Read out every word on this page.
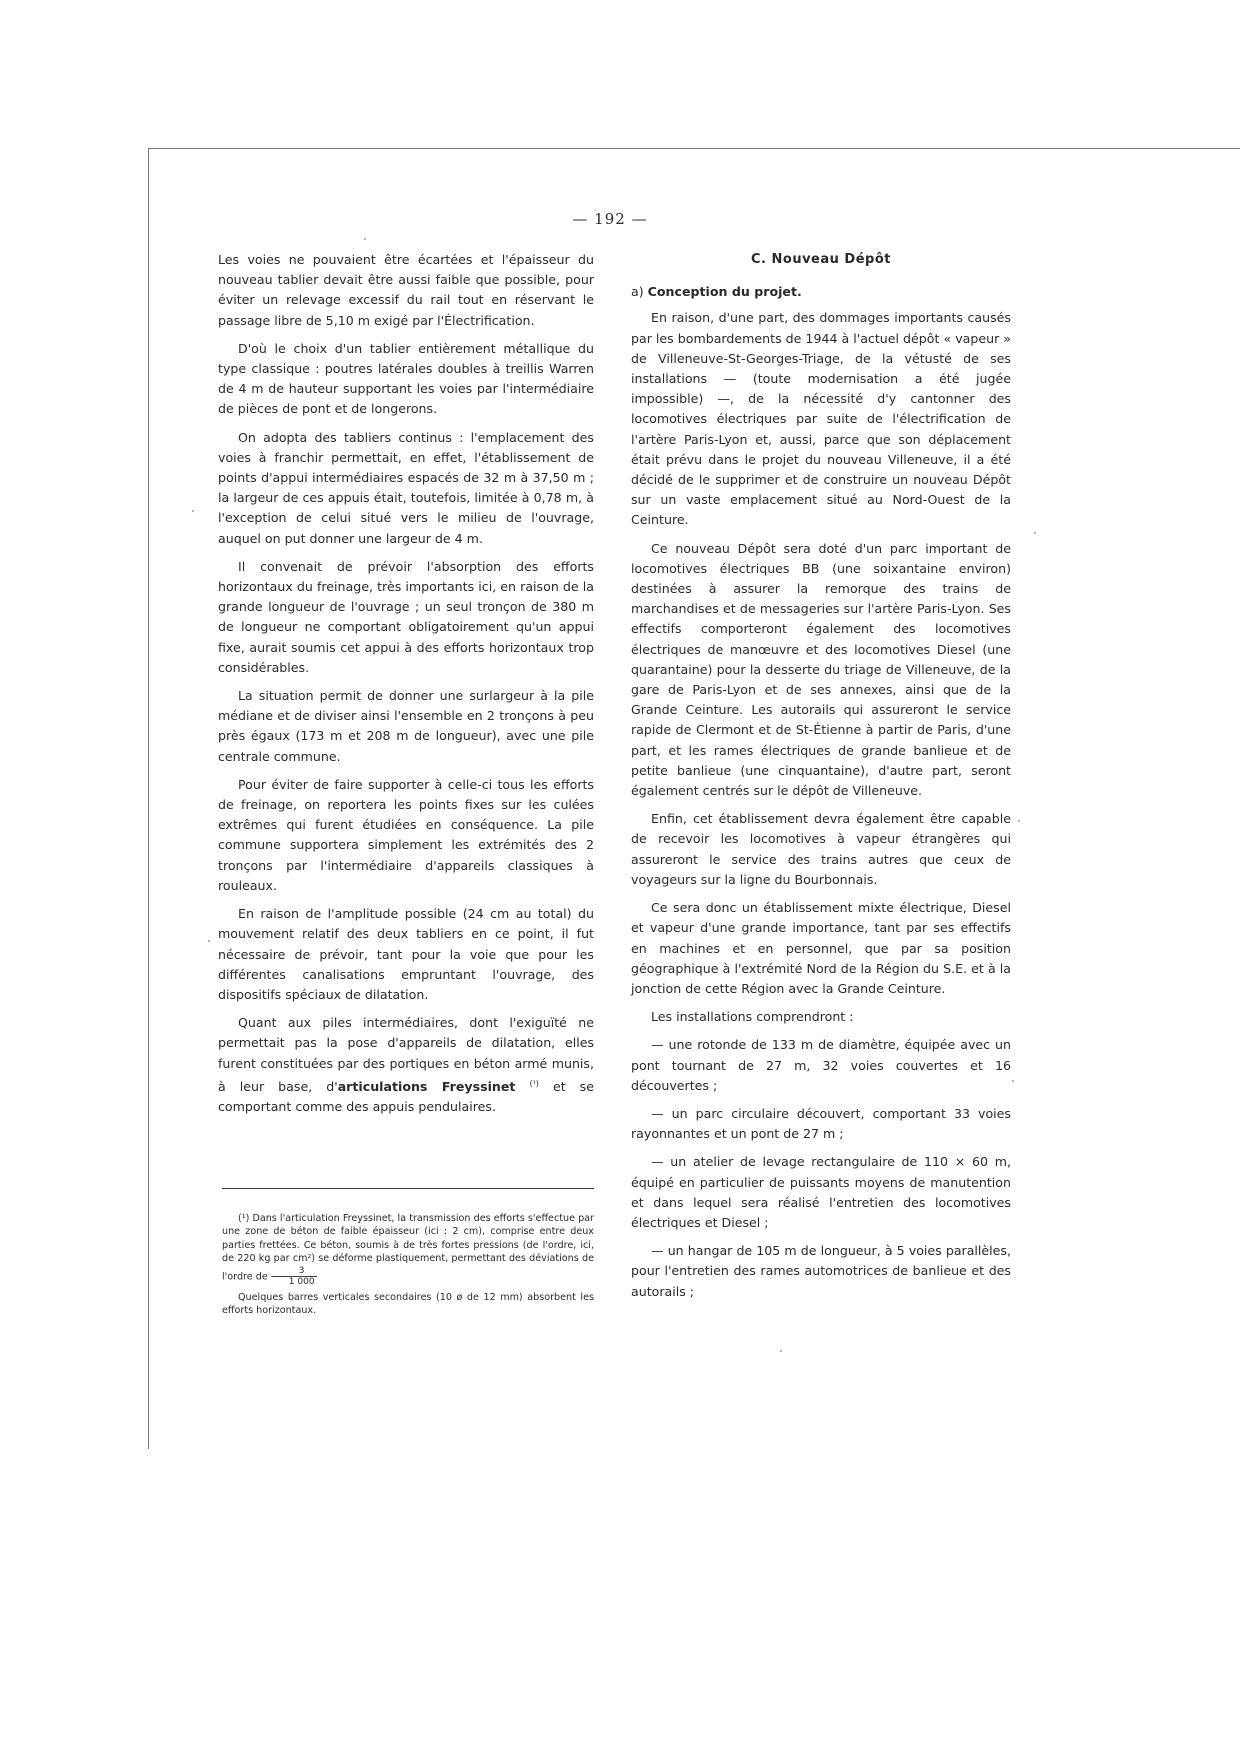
— 192 —

Les voies ne pouvaient être écartées et l'épaisseur du nouveau tablier devait être aussi faible que possible, pour éviter un relevage excessif du rail tout en réservant le passage libre de 5,10 m exigé par l'Électrification.

D'où le choix d'un tablier entièrement métallique du type classique : poutres latérales doubles à treillis Warren de 4 m de hauteur supportant les voies par l'intermédiaire de pièces de pont et de longerons.

On adopta des tabliers continus : l'emplacement des voies à franchir permettait, en effet, l'établissement de points d'appui intermédiaires espacés de 32 m à 37,50 m ; la largeur de ces appuis était, toutefois, limitée à 0,78 m, à l'exception de celui situé vers le milieu de l'ouvrage, auquel on put donner une largeur de 4 m.

Il convenait de prévoir l'absorption des efforts horizontaux du freinage, très importants ici, en raison de la grande longueur de l'ouvrage ; un seul tronçon de 380 m de longueur ne comportant obligatoirement qu'un appui fixe, aurait soumis cet appui à des efforts horizontaux trop considérables.

La situation permit de donner une surlargeur à la pile médiane et de diviser ainsi l'ensemble en 2 tronçons à peu près égaux (173 m et 208 m de longueur), avec une pile centrale commune.

Pour éviter de faire supporter à celle-ci tous les efforts de freinage, on reportera les points fixes sur les culées extrêmes qui furent étudiées en conséquence. La pile commune supportera simplement les extrémités des 2 tronçons par l'intermédiaire d'appareils classiques à rouleaux.

En raison de l'amplitude possible (24 cm au total) du mouvement relatif des deux tabliers en ce point, il fut nécessaire de prévoir, tant pour la voie que pour les différentes canalisations empruntant l'ouvrage, des dispositifs spéciaux de dilatation.

Quant aux piles intermédiaires, dont l'exiguïté ne permettait pas la pose d'appareils de dilatation, elles furent constituées par des portiques en béton armé munis, à leur base, d'articulations Freyssinet $^{(^1)}$ et se comportant comme des appuis pendulaires.

(¹) Dans l'articulation Freyssinet, la transmission des efforts s'effectue par une zone de béton de faible épaisseur (ici : 2 cm), comprise entre deux parties frettées. Ce béton, soumis à de très fortes pressions (de l'ordre, ici, de 220 kg par cm²) se déforme plastiquement, permettant des déviations de l'ordre de $\frac{3}{1 000}$

Quelques barres verticales secondaires (10 ø de 12 mm) absorbent les efforts horizontaux.

C. Nouveau Dépôt
a) Conception du projet.

En raison, d'une part, des dommages importants causés par les bombardements de 1944 à l'actuel dépôt « vapeur » de Villeneuve-St-Georges-Triage, de la vétusté de ses installations — (toute modernisation a été jugée impossible) —, de la nécessité d'y cantonner des locomotives électriques par suite de l'électrification de l'artère Paris-Lyon et, aussi, parce que son déplacement était prévu dans le projet du nouveau Villeneuve, il a été décidé de le supprimer et de construire un nouveau Dépôt sur un vaste emplacement situé au Nord-Ouest de la Ceinture.

Ce nouveau Dépôt sera doté d'un parc important de locomotives électriques BB (une soixantaine environ) destinées à assurer la remorque des trains de marchandises et de messageries sur l'artère Paris-Lyon. Ses effectifs comporteront également des locomotives électriques de manœuvre et des locomotives Diesel (une quarantaine) pour la desserte du triage de Villeneuve, de la gare de Paris-Lyon et de ses annexes, ainsi que de la Grande Ceinture. Les autorails qui assureront le service rapide de Clermont et de St-Étienne à partir de Paris, d'une part, et les rames électriques de grande banlieue et de petite banlieue (une cinquantaine), d'autre part, seront également centrés sur le dépôt de Villeneuve.

Enfin, cet établissement devra également être capable de recevoir les locomotives à vapeur étrangères qui assureront le service des trains autres que ceux de voyageurs sur la ligne du Bourbonnais.

Ce sera donc un établissement mixte électrique, Diesel et vapeur d'une grande importance, tant par ses effectifs en machines et en personnel, que par sa position géographique à l'extrémité Nord de la Région du S.E. et à la jonction de cette Région avec la Grande Ceinture.

Les installations comprendront :

— une rotonde de 133 m de diamètre, équipée avec un pont tournant de 27 m, 32 voies couvertes et 16 découvertes ;

— un parc circulaire découvert, comportant 33 voies rayonnantes et un pont de 27 m ;

— un atelier de levage rectangulaire de 110 × 60 m, équipé en particulier de puissants moyens de manutention et dans lequel sera réalisé l'entretien des locomotives électriques et Diesel ;

— un hangar de 105 m de longueur, à 5 voies parallèles, pour l'entretien des rames automotrices de banlieue et des autorails ;
